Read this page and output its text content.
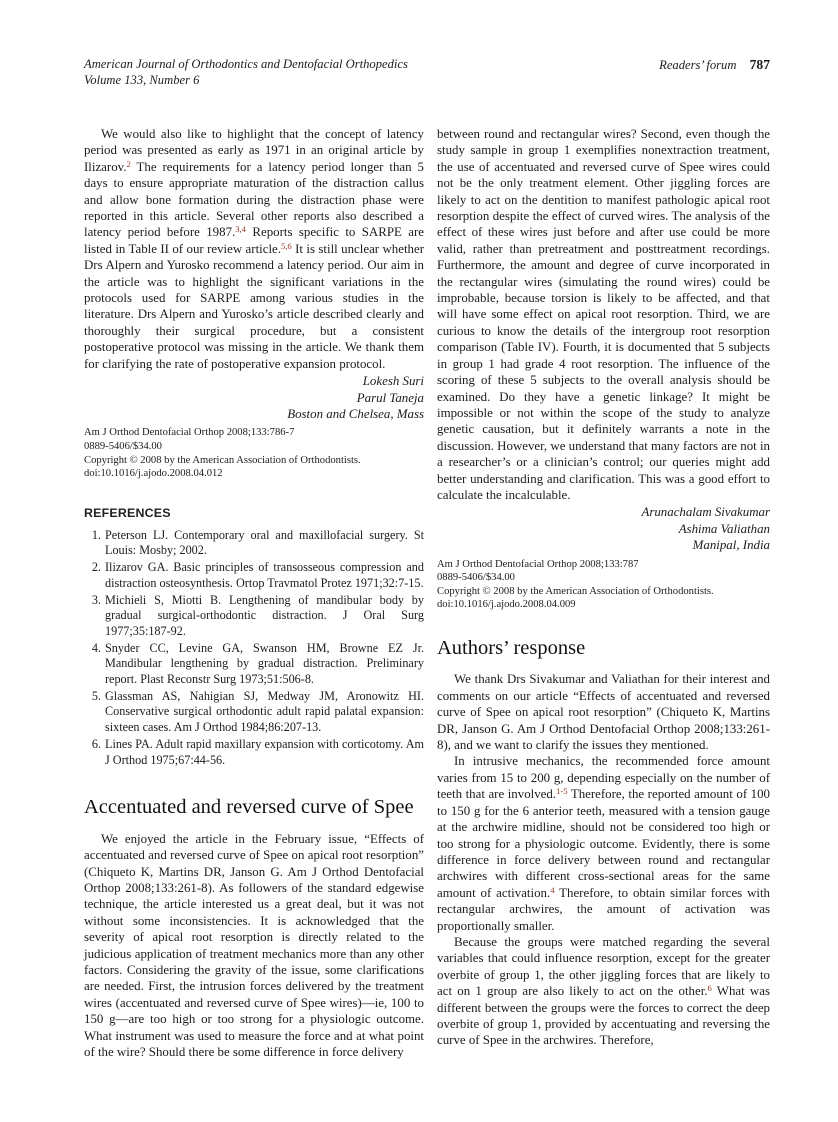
American Journal of Orthodontics and Dentofacial Orthopedics
Volume 133, Number 6
Readers’ forum 787

We would also like to highlight that the concept of latency period was presented as early as 1971 in an original article by Ilizarov.$^2$ The requirements for a latency period longer than 5 days to ensure appropriate maturation of the distraction callus and allow bone formation during the distraction phase were reported in this article. Several other reports also described a latency period before 1987.$^{3,4}$ Reports specific to SARPE are listed in Table II of our review article.$^{5,6}$ It is still unclear whether Drs Alpern and Yurosko recommend a latency period. Our aim in the article was to highlight the significant variations in the protocols used for SARPE among various studies in the literature. Drs Alpern and Yurosko’s article described clearly and thoroughly their surgical procedure, but a consistent postoperative protocol was missing in the article. We thank them for clarifying the rate of postoperative expansion protocol.

Lokesh Suri
Parul Taneja
Boston and Chelsea, Mass
Am J Orthod Dentofacial Orthop 2008;133:786-7
0889-5406/$34.00
Copyright © 2008 by the American Association of Orthodontists.
doi:10.1016/j.ajodo.2008.04.012
REFERENCES
1. Peterson LJ. Contemporary oral and maxillofacial surgery. St Louis: Mosby; 2002.
2. Ilizarov GA. Basic principles of transosseous compression and distraction osteosynthesis. Ortop Travmatol Protez 1971;32:7-15.
3. Michieli S, Miotti B. Lengthening of mandibular body by gradual surgical-orthodontic distraction. J Oral Surg 1977;35:187-92.
4. Snyder CC, Levine GA, Swanson HM, Browne EZ Jr. Mandibular lengthening by gradual distraction. Preliminary report. Plast Reconstr Surg 1973;51:506-8.
5. Glassman AS, Nahigian SJ, Medway JM, Aronowitz HI. Conservative surgical orthodontic adult rapid palatal expansion: sixteen cases. Am J Orthod 1984;86:207-13.
6. Lines PA. Adult rapid maxillary expansion with corticotomy. Am J Orthod 1975;67:44-56.
Accentuated and reversed curve of Spee

We enjoyed the article in the February issue, “Effects of accentuated and reversed curve of Spee on apical root resorption” (Chiqueto K, Martins DR, Janson G. Am J Orthod Dentofacial Orthop 2008;133:261-8). As followers of the standard edgewise technique, the article interested us a great deal, but it was not without some inconsistencies. It is acknowledged that the severity of apical root resorption is directly related to the judicious application of treatment mechanics more than any other factors. Considering the gravity of the issue, some clarifications are needed. First, the intrusion forces delivered by the treatment wires (accentuated and reversed curve of Spee wires)—ie, 100 to 150 g—are too high or too strong for a physiologic outcome. What instrument was used to measure the force and at what point of the wire? Should there be some difference in force delivery

between round and rectangular wires? Second, even though the study sample in group 1 exemplifies nonextraction treatment, the use of accentuated and reversed curve of Spee wires could not be the only treatment element. Other jiggling forces are likely to act on the dentition to manifest pathologic apical root resorption despite the effect of curved wires. The analysis of the effect of these wires just before and after use could be more valid, rather than pretreatment and posttreatment recordings. Furthermore, the amount and degree of curve incorporated in the rectangular wires (simulating the round wires) could be improbable, because torsion is likely to be affected, and that will have some effect on apical root resorption. Third, we are curious to know the details of the intergroup root resorption comparison (Table IV). Fourth, it is documented that 5 subjects in group 1 had grade 4 root resorption. The influence of the scoring of these 5 subjects to the overall analysis should be examined. Do they have a genetic linkage? It might be impossible or not within the scope of the study to analyze genetic causation, but it definitely warrants a note in the discussion. However, we understand that many factors are not in a researcher’s or a clinician’s control; our queries might add better understanding and clarification. This was a good effort to calculate the incalculable.

Arunachalam Sivakumar
Ashima Valiathan
Manipal, India
Am J Orthod Dentofacial Orthop 2008;133:787
0889-5406/$34.00
Copyright © 2008 by the American Association of Orthodontists.
doi:10.1016/j.ajodo.2008.04.009
Authors’ response

We thank Drs Sivakumar and Valiathan for their interest and comments on our article “Effects of accentuated and reversed curve of Spee on apical root resorption” (Chiqueto K, Martins DR, Janson G. Am J Orthod Dentofacial Orthop 2008;133:261-8), and we want to clarify the issues they mentioned.

In intrusive mechanics, the recommended force amount varies from 15 to 200 g, depending especially on the number of teeth that are involved.$^{1-5}$ Therefore, the reported amount of 100 to 150 g for the 6 anterior teeth, measured with a tension gauge at the archwire midline, should not be considered too high or too strong for a physiologic outcome. Evidently, there is some difference in force delivery between round and rectangular archwires with different cross-sectional areas for the same amount of activation.$^4$ Therefore, to obtain similar forces with rectangular archwires, the amount of activation was proportionally smaller.

Because the groups were matched regarding the several variables that could influence resorption, except for the greater overbite of group 1, the other jiggling forces that are likely to act on 1 group are also likely to act on the other.$^6$ What was different between the groups were the forces to correct the deep overbite of group 1, provided by accentuating and reversing the curve of Spee in the archwires. Therefore,
